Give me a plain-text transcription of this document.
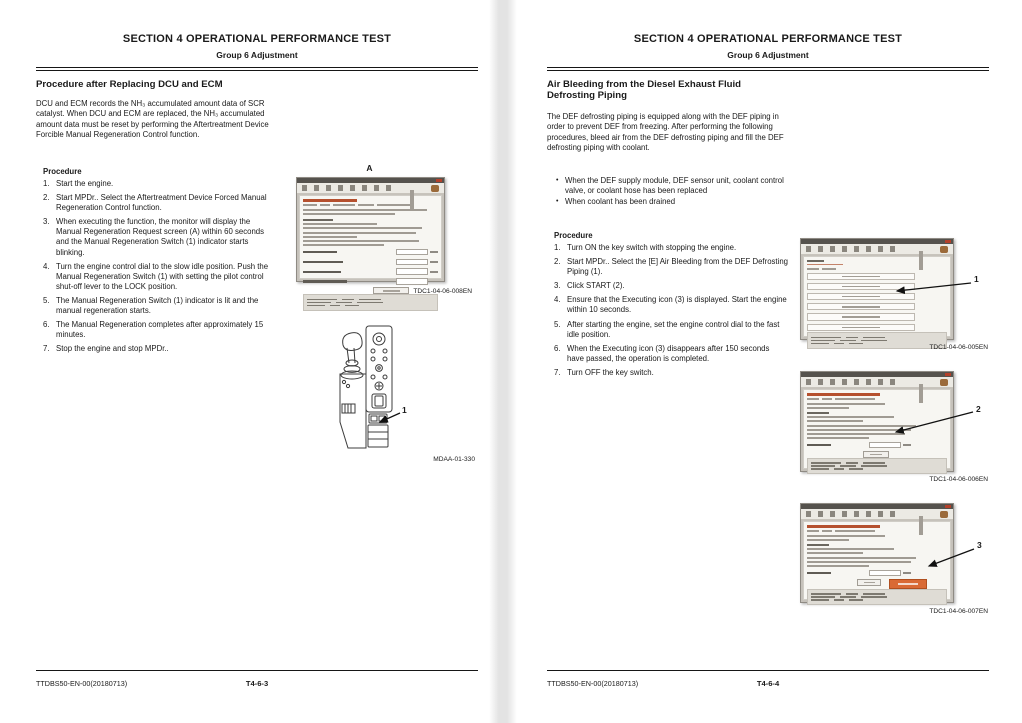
SECTION 4 OPERATIONAL PERFORMANCE TEST
Group 6 Adjustment
Procedure after Replacing DCU and ECM
DCU and ECM records the NH₃ accumulated amount data of SCR catalyst. When DCU and ECM are replaced, the NH₃ accumulated amount data must be reset by performing the Aftertreatment Device Forcible Manual Regeneration Control function.
Procedure
1. Start the engine.
2. Start MPDr.. Select the Aftertreatment Device Forced Manual Regeneration Control function.
3. When executing the function, the monitor will display the Manual Regeneration Request screen (A) within 60 seconds and the Manual Regeneration Switch (1) indicator starts blinking.
4. Turn the engine control dial to the slow idle position. Push the Manual Regeneration Switch (1) with setting the pilot control shut-off lever to the LOCK position.
5. The Manual Regeneration Switch (1) indicator is lit and the manual regeneration starts.
6. The Manual Regeneration completes after approximately 15 minutes.
7. Stop the engine and stop MPDr..
A
TDC1-04-06-008EN
1
MDAA-01-330
TTDBS50-EN-00(20180713)	T4-6-3
SECTION 4 OPERATIONAL PERFORMANCE TEST
Group 6 Adjustment
Air Bleeding from the Diesel Exhaust Fluid
Defrosting Piping
The DEF defrosting piping is equipped along with the DEF piping in order to prevent DEF from freezing. After performing the following procedures, bleed air from the DEF defrosting piping and fill the DEF defrosting piping with coolant.
• When the DEF supply module, DEF sensor unit, coolant control valve, or coolant hose has been replaced
• When coolant has been drained
Procedure
1. Turn ON the key switch with stopping the engine.
2. Start MPDr.. Select the [E] Air Bleeding from the DEF Defrosting Piping (1).
3. Click START (2).
4. Ensure that the Executing icon (3) is displayed. Start the engine within 10 seconds.
5. After starting the engine, set the engine control dial to the fast idle position.
6. When the Executing icon (3) disappears after 150 seconds have passed, the operation is completed.
7. Turn OFF the key switch.
1
TDC1-04-06-005EN
2
TDC1-04-06-006EN
3
TDC1-04-06-007EN
TTDBS50-EN-00(20180713)	T4-6-4
